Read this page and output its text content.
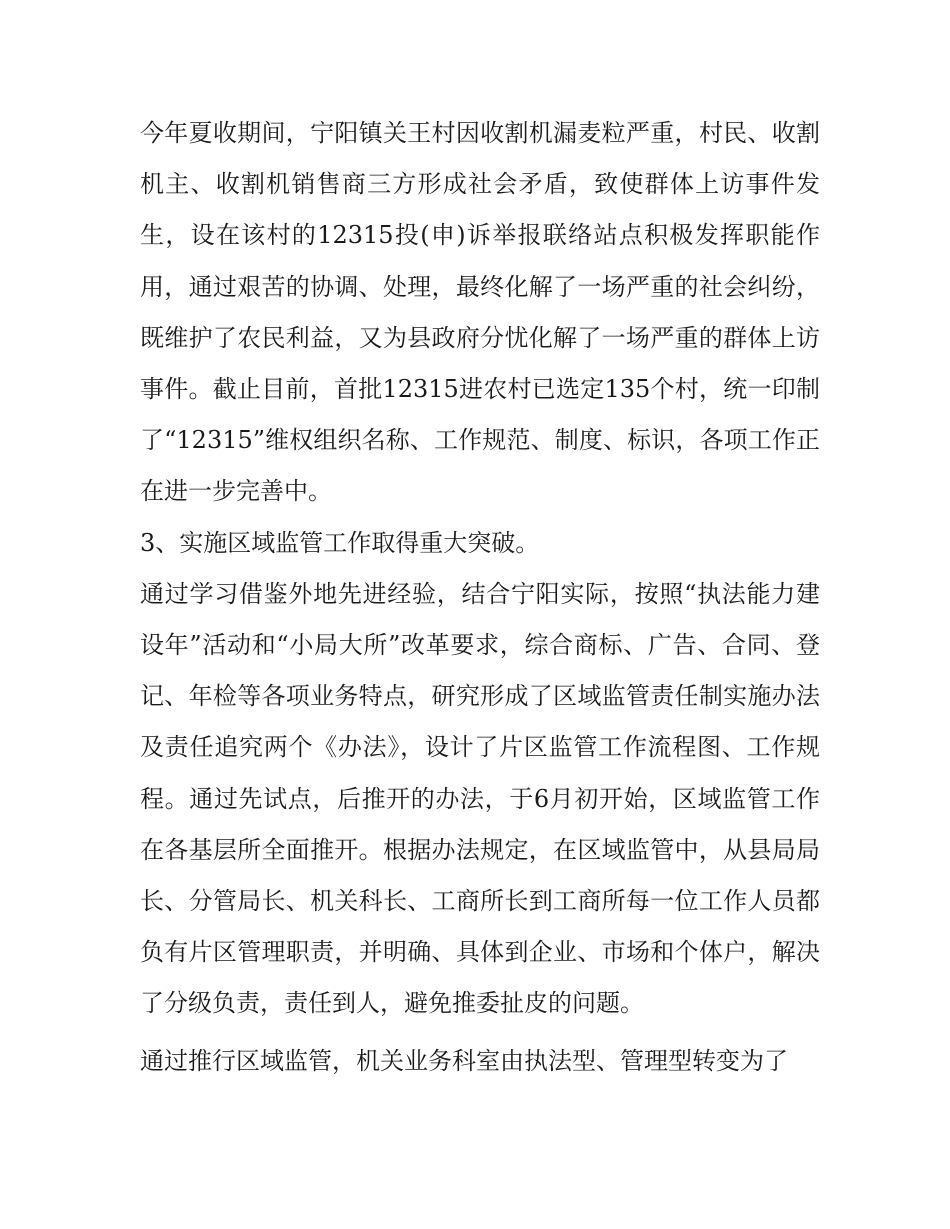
今年夏收期间，宁阳镇关王村因收割机漏麦粒严重，村民、收割机主、收割机销售商三方形成社会矛盾，致使群体上访事件发生，设在该村的12315投(申)诉举报联络站点积极发挥职能作用，通过艰苦的协调、处理，最终化解了一场严重的社会纠纷，既维护了农民利益，又为县政府分忧化解了一场严重的群体上访事件。截止目前，首批12315进农村已选定135个村，统一印制了“12315”维权组织名称、工作规范、制度、标识，各项工作正在进一步完善中。

3、实施区域监管工作取得重大突破。

通过学习借鉴外地先进经验，结合宁阳实际，按照“执法能力建设年”活动和“小局大所”改革要求，综合商标、广告、合同、登记、年检等各项业务特点，研究形成了区域监管责任制实施办法及责任追究两个《办法》，设计了片区监管工作流程图、工作规程。通过先试点，后推开的办法，于6月初开始，区域监管工作在各基层所全面推开。根据办法规定，在区域监管中，从县局局长、分管局长、机关科长、工商所长到工商所每一位工作人员都负有片区管理职责，并明确、具体到企业、市场和个体户，解决了分级负责，责任到人，避免推委扯皮的问题。

通过推行区域监管，机关业务科室由执法型、管理型转变为了
